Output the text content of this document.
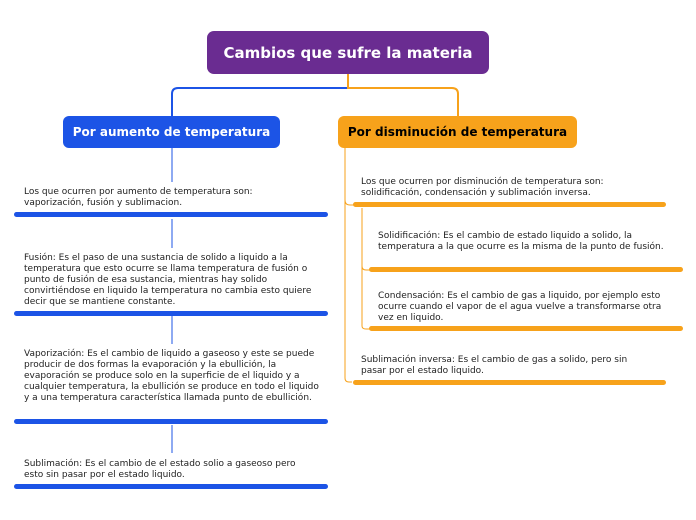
Cambios que sufre la materia
Por aumento de temperatura
Los que ocurren por aumento de temperatura son: vaporización, fusión y sublimacion.
Fusión: Es el paso de una sustancia de solido a liquido a la temperatura que esto ocurre se llama temperatura de fusión o punto de fusión de esa sustancia, mientras hay solido convirtiéndose en liquido la temperatura no cambia esto quiere decir que se mantiene constante.
Vaporización: Es el cambio de liquido a gaseoso y este se puede producir de dos formas la evaporación y la ebullición, la evaporación se produce solo en la superficie de el liquido y a cualquier temperatura, la ebullición se produce en todo el liquido y a una temperatura característica llamada punto de ebullición.
Sublimación: Es el cambio de el estado solio a gaseoso pero esto sin pasar por el estado liquido.
Por disminución de temperatura
Los que ocurren por disminución de temperatura son: solidificación, condensación y sublimación inversa.
Solidificación: Es el cambio de estado liquido a solido, la temperatura a la que ocurre es la misma de la punto de fusión.
Condensación: Es el cambio de gas a liquido, por ejemplo esto ocurre cuando el vapor de el agua vuelve a transformarse otra vez en liquido.
Sublimación inversa: Es el cambio de gas a solido, pero sin pasar por el estado liquido.
